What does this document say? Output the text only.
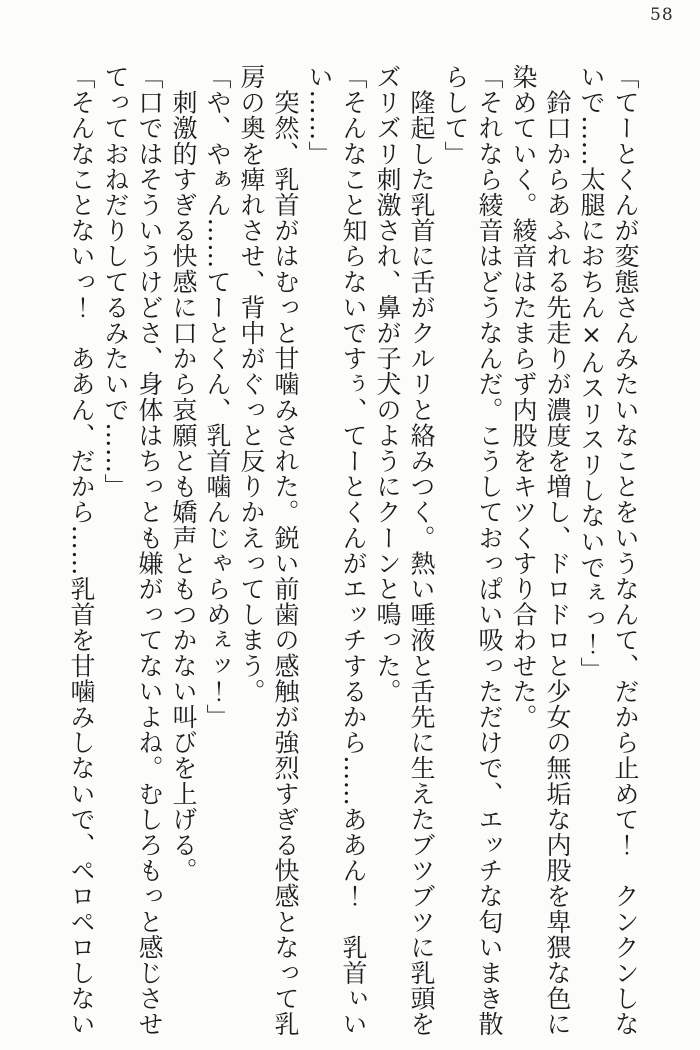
58

「てーとくんが変態さんみたいなことをいうなんて、だから止めて！　クンクンしないで……太腿におちん×んスリスリしないでぇっ！」

　鈴口からあふれる先走りが濃度を増し、ドロドロと少女の無垢な内股を卑猥な色に染めていく。綾音はたまらず内股をキツくすり合わせた。

「それなら綾音はどうなんだ。こうしておっぱい吸っただけで、エッチな匂いまき散らして」

　隆起した乳首に舌がクルリと絡みつく。熱い唾液と舌先に生えたブツブツに乳頭をズリズリ刺激され、鼻が子犬のようにクーンと鳴った。

「そんなこと知らないですぅ、てーとくんがエッチするから……ああん！　乳首ぃいい……」

　突然、乳首がはむっと甘噛みされた。鋭い前歯の感触が強烈すぎる快感となって乳房の奥を痺れさせ、背中がぐっと反りかえってしまう。

「や、やぁん……てーとくん、乳首噛んじゃらめぇッ！」

　刺激的すぎる快感に口から哀願とも嬌声ともつかない叫びを上げる。

「口ではそういうけどさ、身体はちっとも嫌がってないよね。むしろもっと感じさせてっておねだりしてるみたいで……」

「そんなことないっ！　ああん、だから……乳首を甘噛みしないで、ペロペロしない
